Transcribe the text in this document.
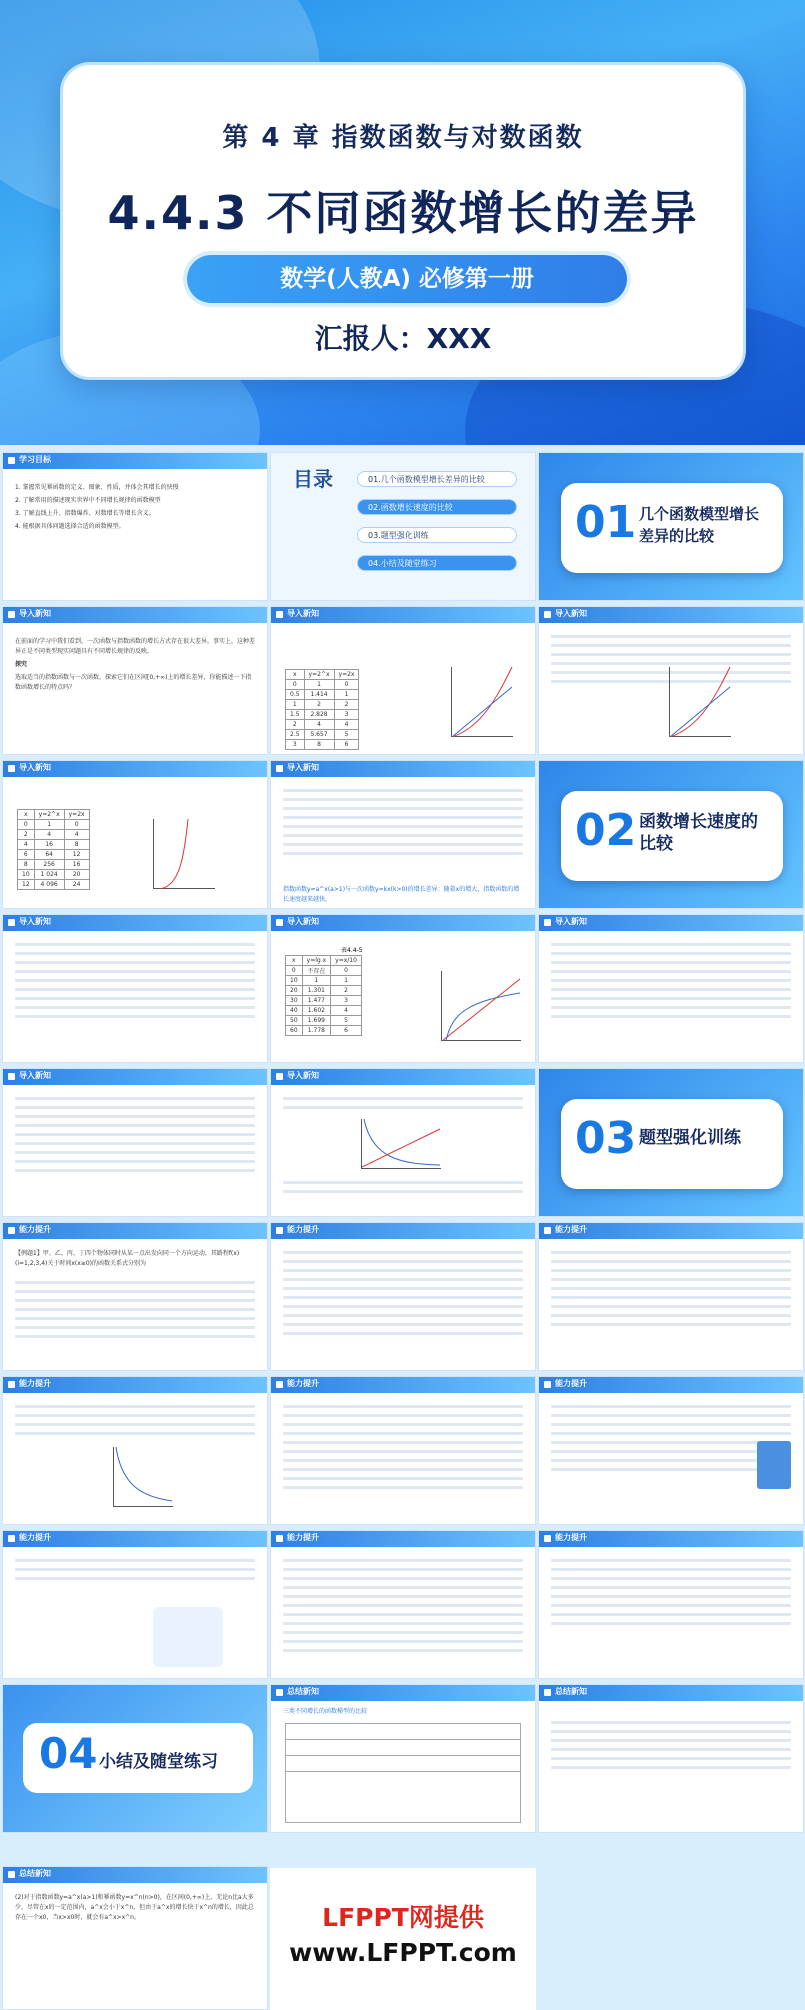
第 4 章 指数函数与对数函数
4.4.3 不同函数增长的差异
数学(人教A) 必修第一册
汇报人：XXX
学习目标

1. 掌握常见幂函数的定义、图象、性质，并体会其增长的快慢

2. 了解常用的描述现实世界中不同增长规律的函数模型

3. 了解直线上升、指数爆炸、对数增长等增长含义。

4. 能根据具体问题选择合适的函数模型。

目录	01.几个函数模型增长差异的比较
02.函数增长速度的比较
03.题型强化训练
04.小结及随堂练习
01 几个函数模型增长差异的比较
导入新知

在前面的学习中我们看到，一次函数与指数函数的增长方式存在很大差异。事实上，这种差异正是不同类型现实问题具有不同增长规律的反映。

探究

选取适当的指数函数与一次函数，探索它们在区间[0,+∞)上的增长差异，你能描述一下指数函数增长的特点吗？

导入新知
x	y=2^x	y=2x
0	1	0
0.5	1.414	1
1	2	2
1.5	2.828	3
2	4	4
2.5	5.657	5
3	8	6
导入新知
导入新知
x	y=2^x	y=2x
0	1	0
2	4	4
4	16	8
6	64	12
8	256	16
10	1 024	20
12	4 096	24
导入新知

指数函数y=a^x(a>1)与一次函数y=kx(k>0)的增长差异：随着x的增大，指数函数的增长速度越来越快。

02 函数增长速度的比较
导入新知	导入新知
表4.4-5
x	y=lg x	y=x/10
0	不存在	0
10	1	1
20	1.301	2
30	1.477	3
40	1.602	4
50	1.699	5
60	1.778	6
导入新知
导入新知	导入新知
03 题型强化训练
能力提升

【例题1】甲、乙、丙、丁四个物体同时从某一点出发向同一个方向运动，其路程f(x)(i=1,2,3,4)关于时间x(x≥0)的函数关系式分别为

能力提升	能力提升
能力提升	能力提升	能力提升
能力提升	能力提升	能力提升
04 小结及随堂练习
总结新知

三类不同增长的函数模型的比较

总结新知
总结新知

(2)对于指数函数y=a^x(a>1)和幂函数y=x^n(n>0)，在区间(0,+∞)上，无论n比a大多少，尽管在x的一定范围内，a^x会小于x^n，但由于a^x的增长快于x^n的增长，因此总存在一个x0，当x>x0时，就会有a^x>x^n。	LFPPT网提供
www.LFPPT.com
